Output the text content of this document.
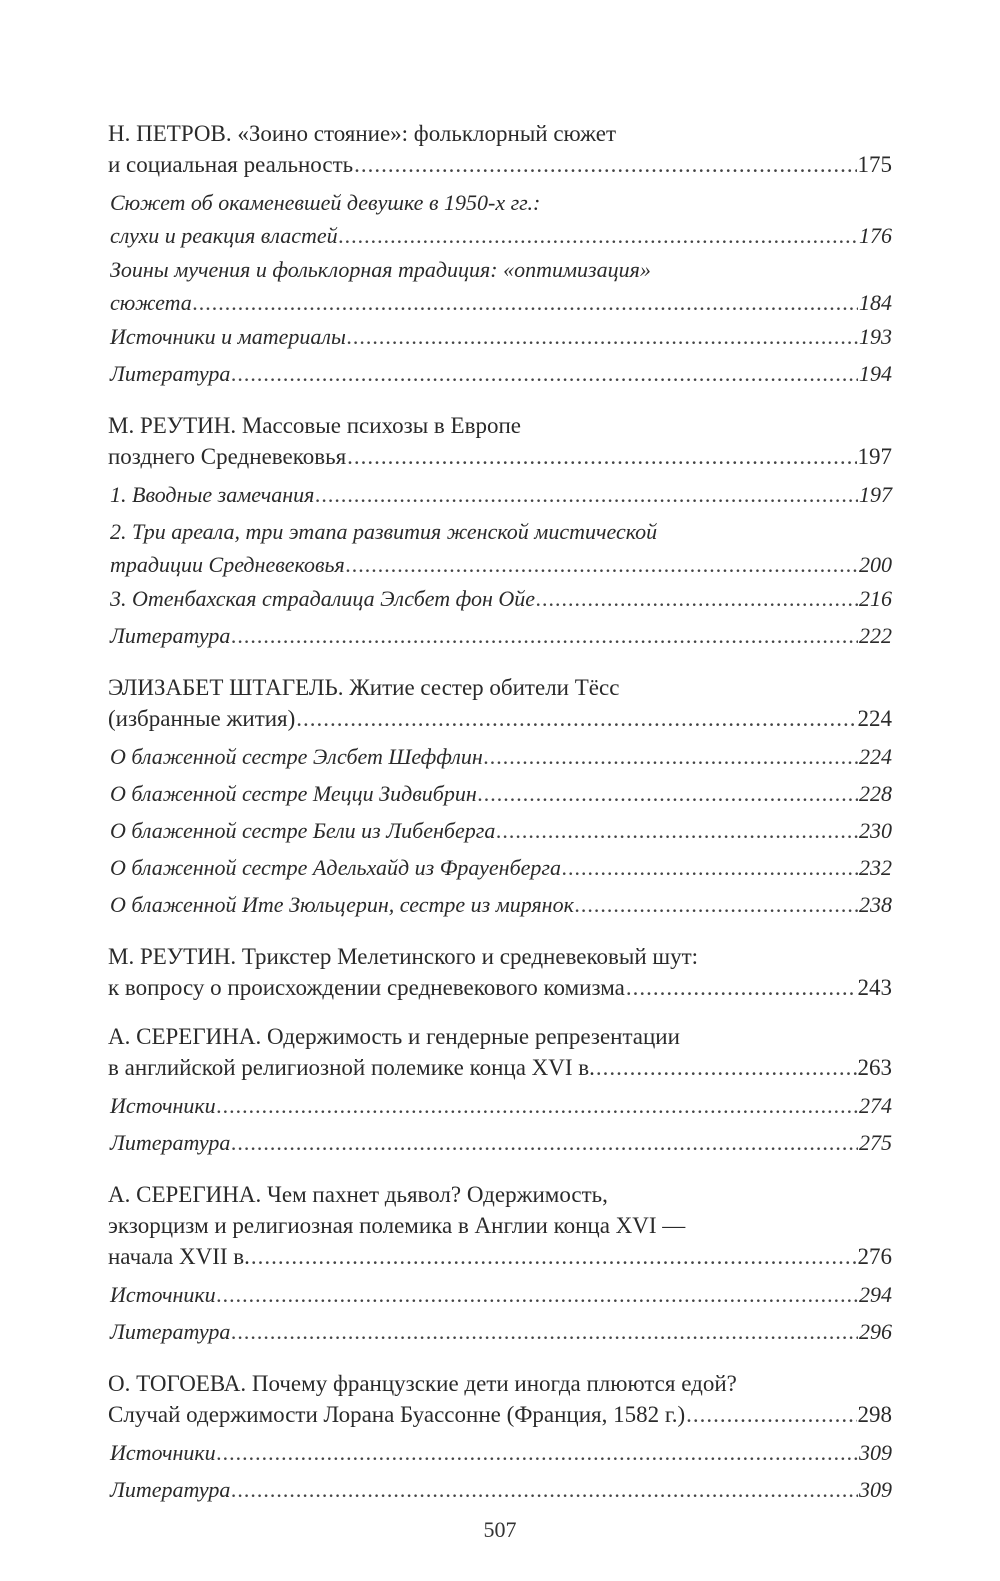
Н. ПЕТРОВ. «Зоино стояние»: фольклорный сюжет
и социальная реальность .....	175
Сюжет об окаменевшей девушке в 1950-х гг.:
слухи и реакция властей .....	176
Зоины мучения и фольклорная традиция: «оптимизация»
сюжета .....	184
Источники и материалы .....	193
Литература .....	194
М. РЕУТИН. Массовые психозы в Европе
позднего Средневековья .....	197
1. Вводные замечания .....	197
2. Три ареала, три этапа развития женской мистической
традиции Средневековья .....	200
3. Отенбахская страдалица Элсбет фон Ойе .....	216
Литература .....	222
ЭЛИЗАБЕТ ШТАГЕЛЬ. Житие сестер обители Тёсс
(избранные жития) .....	224
О блаженной сестре Элсбет Шеффлин .....	224
О блаженной сестре Мецци Зидвибрин .....	228
О блаженной сестре Бели из Либенберга .....	230
О блаженной сестре Адельхайд из Фрауенберга .....	232
О блаженной Ите Зюльцерин, сестре из мирянок .....	238
М. РЕУТИН. Трикстер Мелетинского и средневековый шут:
к вопросу о происхождении средневекового комизма .....	243
А. СЕРЕГИНА. Одержимость и гендерные репрезентации
в английской религиозной полемике конца XVI в. .....	263
Источники .....	274
Литература .....	275
А. СЕРЕГИНА. Чем пахнет дьявол? Одержимость,
экзорцизм и религиозная полемика в Англии конца XVI —
начала XVII в. .....	276
Источники .....	294
Литература .....	296
О. ТОГОЕВА. Почему французские дети иногда плюются едой?
Случай одержимости Лорана Буассонне (Франция, 1582 г.) .....	298
Источники .....	309
Литература .....	309
507
